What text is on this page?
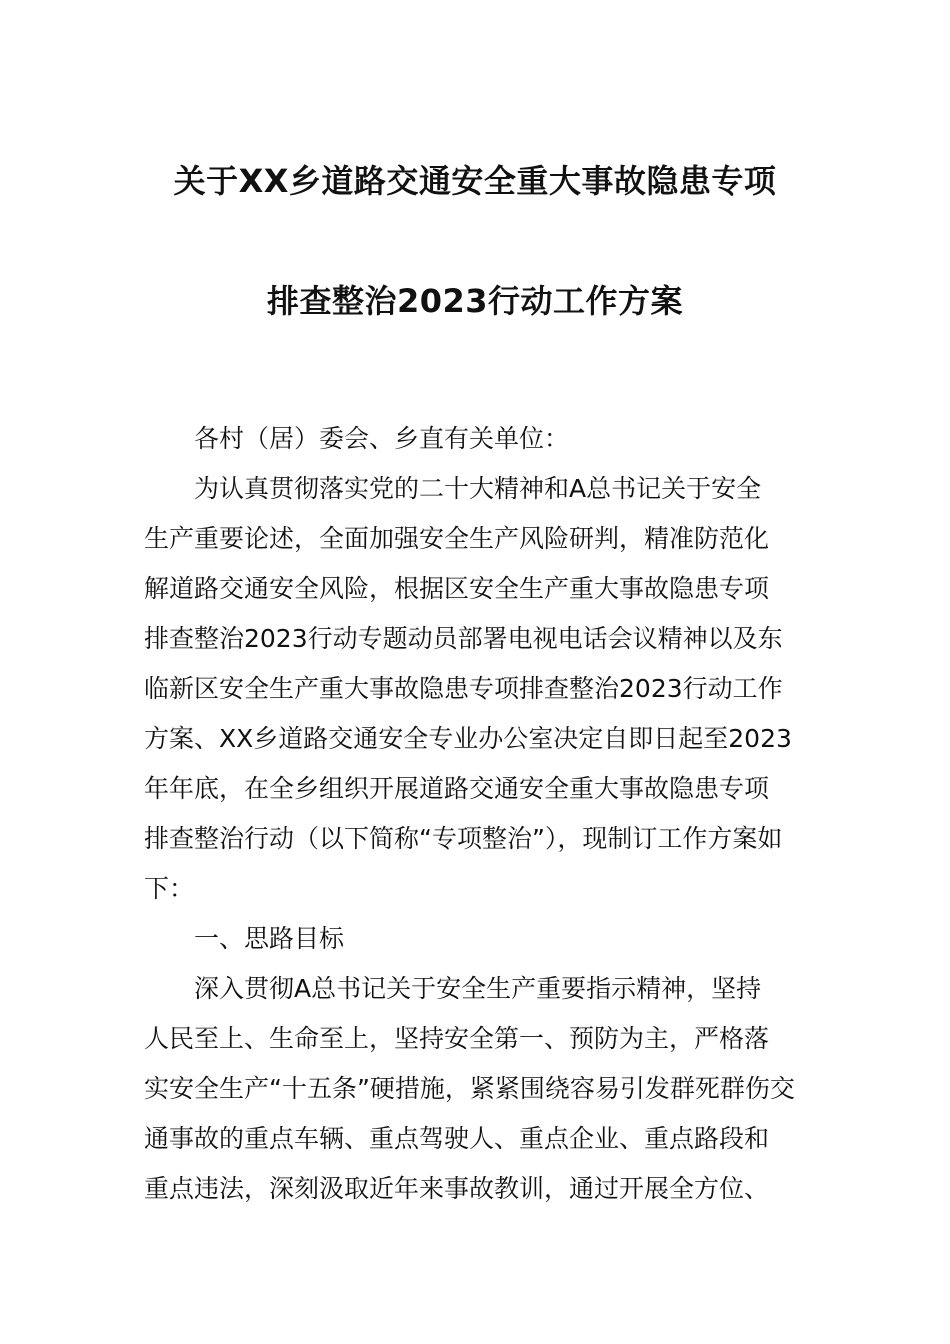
关于XX乡道路交通安全重大事故隐患专项
排查整治2023行动工作方案
各村（居）委会、乡直有关单位：
为认真贯彻落实党的二十大精神和A总书记关于安全
生产重要论述，全面加强安全生产风险研判，精准防范化
解道路交通安全风险，根据区安全生产重大事故隐患专项
排查整治2023行动专题动员部署电视电话会议精神以及东
临新区安全生产重大事故隐患专项排查整治2023行动工作
方案、XX乡道路交通安全专业办公室决定自即日起至2023
年年底，在全乡组织开展道路交通安全重大事故隐患专项
排查整治行动（以下简称“专项整治”），现制订工作方案如
下：
一、思路目标
深入贯彻A总书记关于安全生产重要指示精神，坚持
人民至上、生命至上，坚持安全第一、预防为主，严格落
实安全生产“十五条”硬措施，紧紧围绕容易引发群死群伤交
通事故的重点车辆、重点驾驶人、重点企业、重点路段和
重点违法，深刻汲取近年来事故教训，通过开展全方位、
